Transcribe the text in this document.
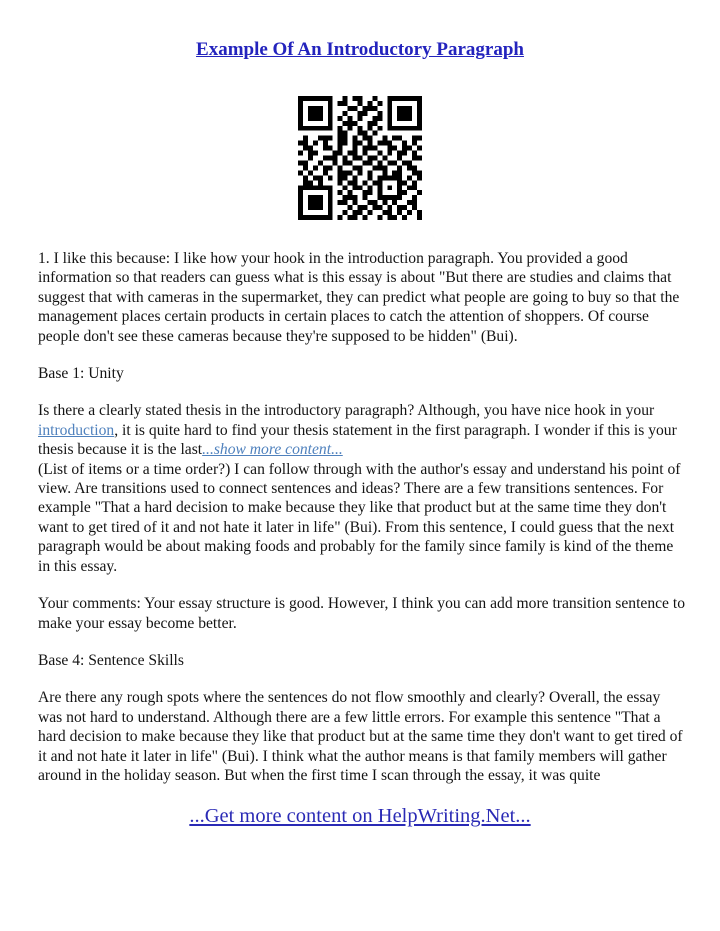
Example Of An Introductory Paragraph

1. I like this because: I like how your hook in the introduction paragraph. You provided a good information so that readers can guess what is this essay is about "But there are studies and claims that suggest that with cameras in the supermarket, they can predict what people are going to buy so that the management places certain products in certain places to catch the attention of shoppers. Of course people don't see these cameras because they're supposed to be hidden" (Bui).

Base 1: Unity

Is there a clearly stated thesis in the introductory paragraph? Although, you have nice hook in your introduction, it is quite hard to find your thesis statement in the first paragraph. I wonder if this is your thesis because it is the last...show more content...
(List of items or a time order?) I can follow through with the author's essay and understand his point of view. Are transitions used to connect sentences and ideas? There are a few transitions sentences. For example "That a hard decision to make because they like that product but at the same time they don't want to get tired of it and not hate it later in life" (Bui). From this sentence, I could guess that the next paragraph would be about making foods and probably for the family since family is kind of the theme in this essay.

Your comments: Your essay structure is good. However, I think you can add more transition sentence to make your essay become better.

Base 4: Sentence Skills

Are there any rough spots where the sentences do not flow smoothly and clearly? Overall, the essay was not hard to understand. Although there are a few little errors. For example this sentence "That a hard decision to make because they like that product but at the same time they don't want to get tired of it and not hate it later in life" (Bui). I think what the author means is that family members will gather around in the holiday season. But when the first time I scan through the essay, it was quite

...Get more content on HelpWriting.Net...
